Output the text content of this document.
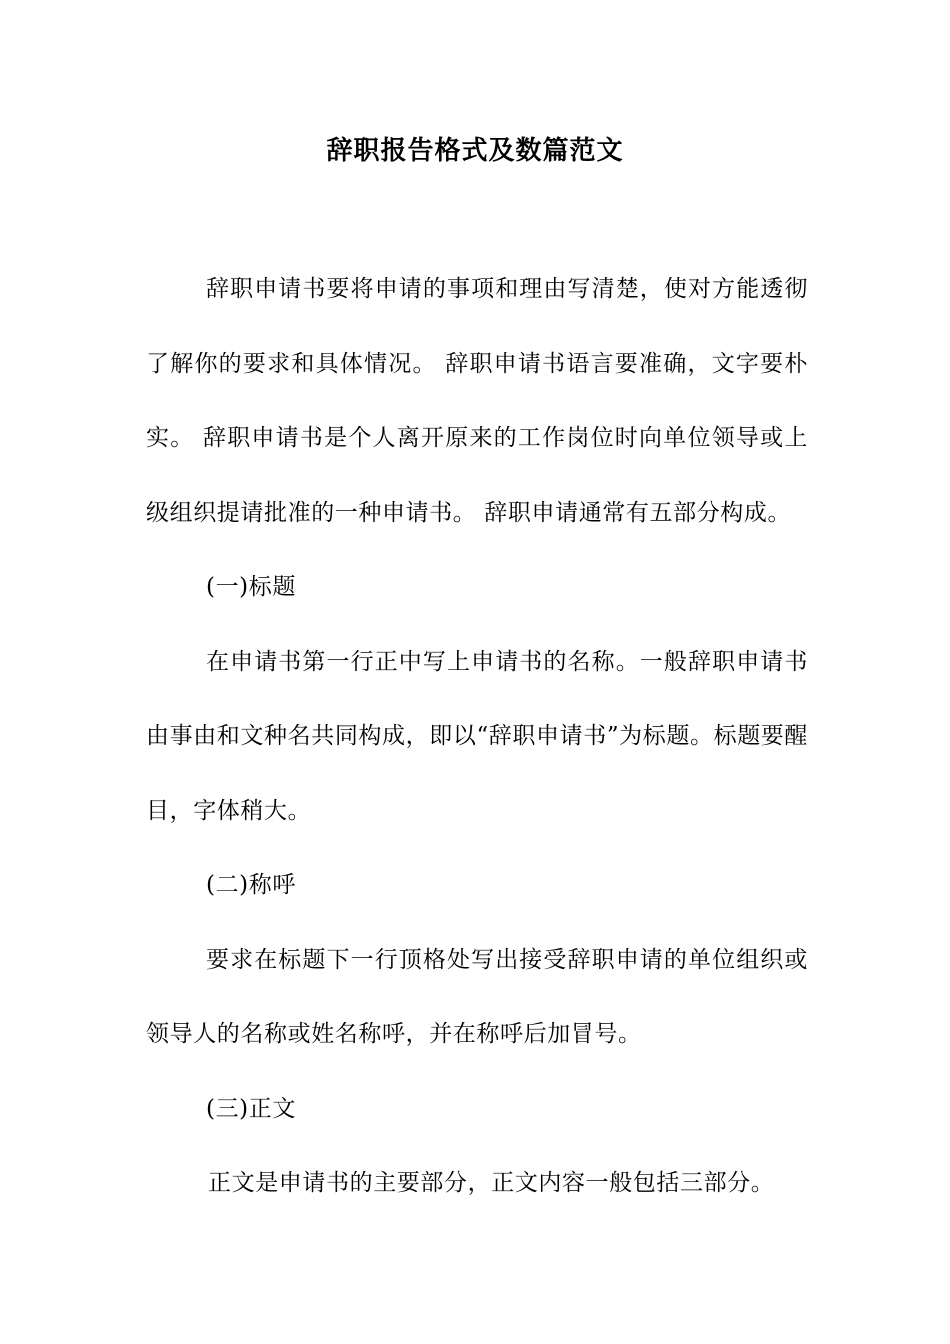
辞职报告格式及数篇范文

辞职申请书要将申请的事项和理由写清楚，使对方能透彻了解你的要求和具体情况。 辞职申请书语言要准确，文字要朴实。 辞职申请书是个人离开原来的工作岗位时向单位领导或上级组织提请批准的一种申请书。 辞职申请通常有五部分构成。

(一)标题

在申请书第一行正中写上申请书的名称。一般辞职申请书由事由和文种名共同构成，即以“辞职申请书”为标题。标题要醒目，字体稍大。

(二)称呼

要求在标题下一行顶格处写出接受辞职申请的单位组织或领导人的名称或姓名称呼，并在称呼后加冒号。

(三)正文

正文是申请书的主要部分，正文内容一般包括三部分。
